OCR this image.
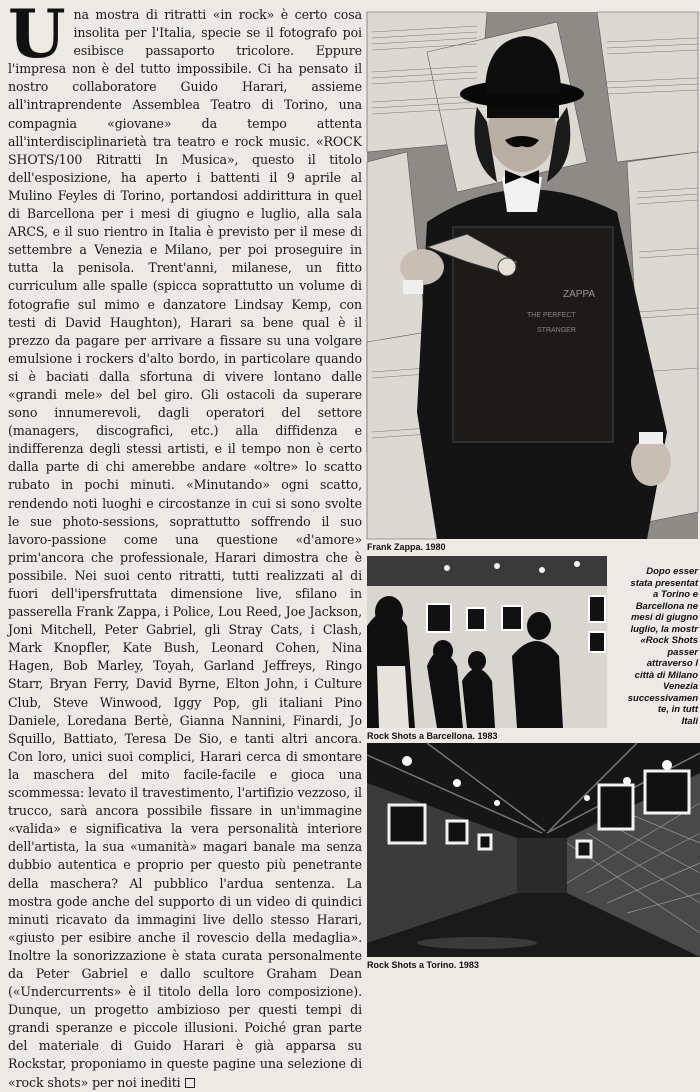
Una mostra di ritratti «in rock» è certo cosa insolita per l'Italia, specie se il fotografo poi esibisce passaporto tricolore. Eppure l'impresa non è del tutto impossibile. Ci ha pensato il nostro collaboratore Guido Harari, assieme all'intraprendente Assemblea Teatro di Torino, una compagnia «giovane» da tempo attenta all'interdisciplinarietà tra teatro e rock music. «ROCK SHOTS/100 Ritratti In Musica», questo il titolo dell'esposizione, ha aperto i battenti il 9 aprile al Mulino Feyles di Torino, portandosi addirittura in quel di Barcellona per i mesi di giugno e luglio, alla sala ARCS, e il suo rientro in Italia è previsto per il mese di settembre a Venezia e Milano, per poi proseguire in tutta la penisola. Trent'anni, milanese, un fitto curriculum alle spalle (spicca soprattutto un volume di fotografie sul mimo e danzatore Lindsay Kemp, con testi di David Haughton), Harari sa bene qual è il prezzo da pagare per arrivare a fissare su una volgare emulsione i rockers d'alto bordo, in particolare quando si è baciati dalla sfortuna di vivere lontano dalle «grandi mele» del bel giro. Gli ostacoli da superare sono innumerevoli, dagli operatori del settore (managers, discografici, etc.) alla diffidenza e indifferenza degli stessi artisti, e il tempo non è certo dalla parte di chi amerebbe andare «oltre» lo scatto rubato in pochi minuti. «Minutando» ogni scatto, rendendo noti luoghi e circostanze in cui si sono svolte le sue photo-sessions, soprattutto soffrendo il suo lavoro-passione come una questione «d'amore» prim'ancora che professionale, Harari dimostra che è possibile. Nei suoi cento ritratti, tutti realizzati al di fuori dell'ipersfruttata dimensione live, sfilano in passerella Frank Zappa, i Police, Lou Reed, Joe Jackson, Joni Mitchell, Peter Gabriel, gli Stray Cats, i Clash, Mark Knopfler, Kate Bush, Leonard Cohen, Nina Hagen, Bob Marley, Toyah, Garland Jeffreys, Ringo Starr, Bryan Ferry, David Byrne, Elton John, i Culture Club, Steve Winwood, Iggy Pop, gli italiani Pino Daniele, Loredana Bertè, Gianna Nannini, Finardi, Jo Squillo, Battiato, Teresa De Sio, e tanti altri ancora. Con loro, unici suoi complici, Harari cerca di smontare la maschera del mito facile-facile e gioca una scommessa: levato il travestimento, l'artifizio vezzoso, il trucco, sarà ancora possibile fissare in un'immagine «valida» e significativa la vera personalità interiore dell'artista, la sua «umanità» magari banale ma senza dubbio autentica e proprio per questo più penetrante della maschera? Al pubblico l'ardua sentenza. La mostra gode anche del supporto di un video di quindici minuti ricavato da immagini live dello stesso Harari, «giusto per esibire anche il rovescio della medaglia». Inoltre la sonorizzazione è stata curata personalmente da Peter Gabriel e dallo scultore Graham Dean («Undercurrents» è il titolo della loro composizione). Dunque, un progetto ambizioso per questi tempi di grandi speranze e piccole illusioni. Poiché gran parte del materiale di Guido Harari è già apparsa su Rockstar, proponiamo in queste pagine una selezione di «rock shots» per noi inediti
ZAPPA
THE PERFECT
STRANGER
Frank Zappa. 1980
Rock Shots a Barcellona. 1983
Dopo esser
stata presentat
a Torino e
Barcellona ne
mesi di giugno
luglio, la mostr
«Rock Shots
passer
attraverso l
città di Milano
Venezia
successivamen
te, in tutt
Itali
Rock Shots a Torino. 1983
